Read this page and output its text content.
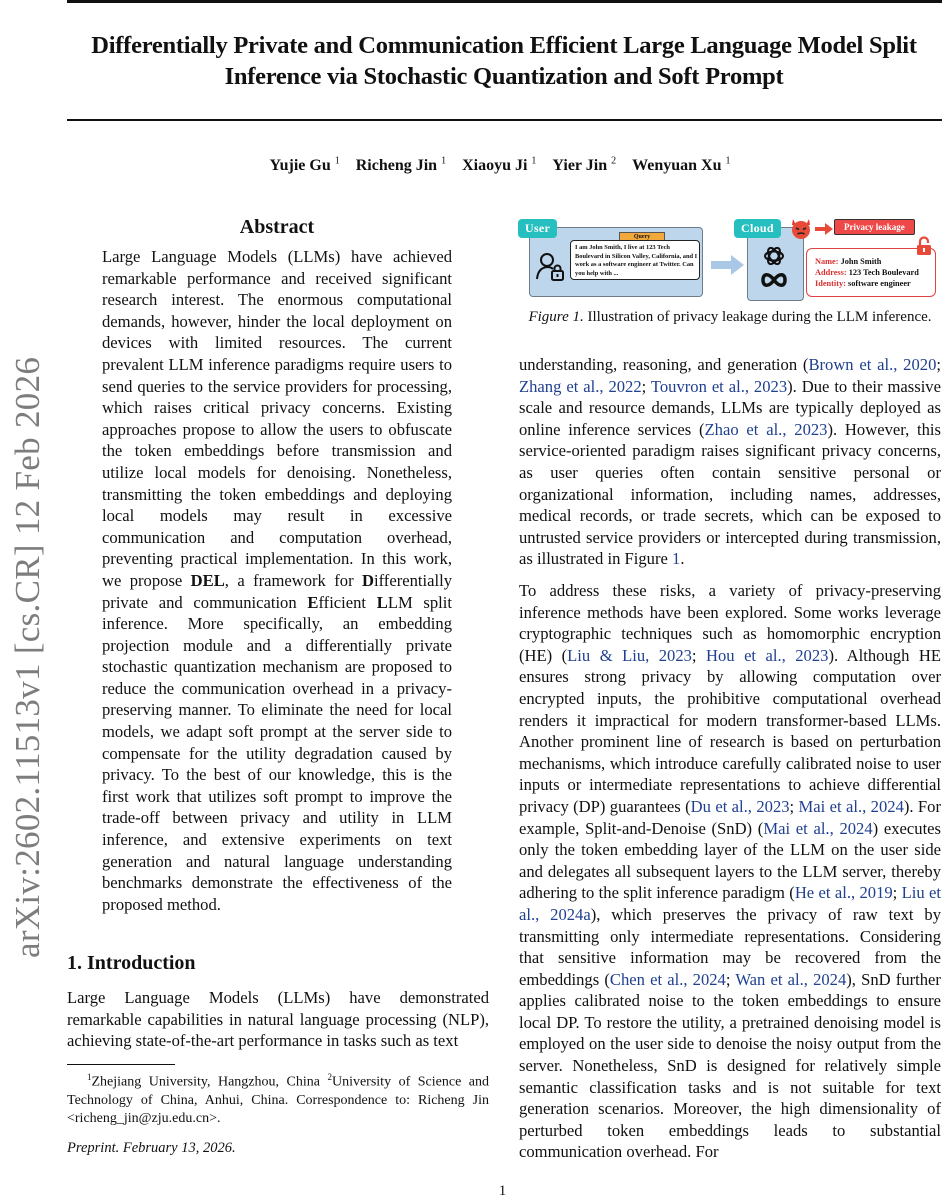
Differentially Private and Communication Efficient Large Language Model Split Inference via Stochastic Quantization and Soft Prompt
Yujie Gu $^1$ Richeng Jin $^1$ Xiaoyu Ji $^1$ Yier Jin $^2$ Wenyuan Xu $^1$
arXiv:2602.11513v1 [cs.CR] 12 Feb 2026
Abstract
Large Language Models (LLMs) have achieved remarkable performance and received significant research interest. The enormous computational demands, however, hinder the local deployment on devices with limited resources. The current prevalent LLM inference paradigms require users to send queries to the service providers for processing, which raises critical privacy concerns. Existing approaches propose to allow the users to obfuscate the token embeddings before transmission and utilize local models for denoising. Nonetheless, transmitting the token embeddings and deploying local models may result in excessive communication and computation overhead, preventing practical implementation. In this work, we propose DEL, a framework for Differentially private and communication Efficient LLM split inference. More specifically, an embedding projection module and a differentially private stochastic quantization mechanism are proposed to reduce the communication overhead in a privacy-preserving manner. To eliminate the need for local models, we adapt soft prompt at the server side to compensate for the utility degradation caused by privacy. To the best of our knowledge, this is the first work that utilizes soft prompt to improve the trade-off between privacy and utility in LLM inference, and extensive experiments on text generation and natural language understanding benchmarks demonstrate the effectiveness of the proposed method.
1. Introduction
Large Language Models (LLMs) have demonstrated remarkable capabilities in natural language processing (NLP), achieving state-of-the-art performance in tasks such as text
$^1$Zhejiang University, Hangzhou, China $^2$University of Science and Technology of China, Anhui, China. Correspondence to: Richeng Jin <richeng_jin@zju.edu.cn>.
Preprint. February 13, 2026.
User
Query
I am John Smith, I live at 123 Tech Boulevard in Silicon Valley, California, and I work as a software engineer at Twitter. Can you help with ...
Cloud	Privacy leakage
Name: John Smith
Address: 123 Tech Boulevard
Identity: software engineer
Figure 1. Illustration of privacy leakage during the LLM inference.
understanding, reasoning, and generation (Brown et al., 2020; Zhang et al., 2022; Touvron et al., 2023). Due to their massive scale and resource demands, LLMs are typically deployed as online inference services (Zhao et al., 2023). However, this service-oriented paradigm raises significant privacy concerns, as user queries often contain sensitive personal or organizational information, including names, addresses, medical records, or trade secrets, which can be exposed to untrusted service providers or intercepted during transmission, as illustrated in Figure 1.
To address these risks, a variety of privacy-preserving inference methods have been explored. Some works leverage cryptographic techniques such as homomorphic encryption (HE) (Liu & Liu, 2023; Hou et al., 2023). Although HE ensures strong privacy by allowing computation over encrypted inputs, the prohibitive computational overhead renders it impractical for modern transformer-based LLMs. Another prominent line of research is based on perturbation mechanisms, which introduce carefully calibrated noise to user inputs or intermediate representations to achieve differential privacy (DP) guarantees (Du et al., 2023; Mai et al., 2024). For example, Split-and-Denoise (SnD) (Mai et al., 2024) executes only the token embedding layer of the LLM on the user side and delegates all subsequent layers to the LLM server, thereby adhering to the split inference paradigm (He et al., 2019; Liu et al., 2024a), which preserves the privacy of raw text by transmitting only intermediate representations. Considering that sensitive information may be recovered from the embeddings (Chen et al., 2024; Wan et al., 2024), SnD further applies calibrated noise to the token embeddings to ensure local DP. To restore the utility, a pretrained denoising model is employed on the user side to denoise the noisy output from the server. Nonetheless, SnD is designed for relatively simple semantic classification tasks and is not suitable for text generation scenarios. Moreover, the high dimensionality of perturbed token embeddings leads to substantial communication overhead. For
1
